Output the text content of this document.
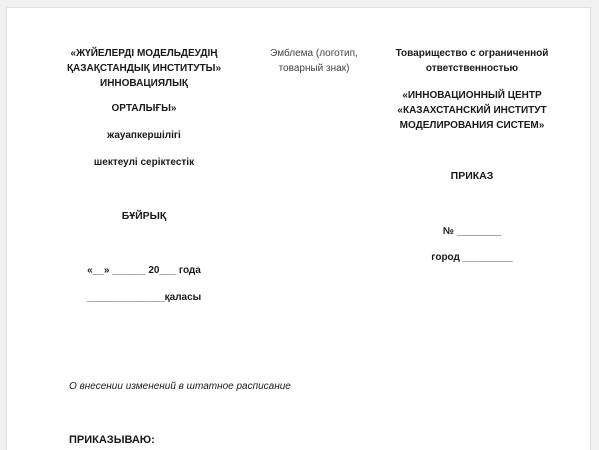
«ЖҮЙЕЛЕРДІ МОДЕЛЬДЕУДІҢ
ҚАЗАҚСТАНДЫҚ ИНСТИТУТЫ»
ИННОВАЦИЯЛЫҚ
ОРТАЛЫҒЫ»
жауапкершілігі
шектеулі серіктестік
БҰЙРЫҚ
«__» ______ 20___ года
______________қаласы
Эмблема (логотип,
товарный знак)
Товарищество с ограниченной
ответственностью
«ИННОВАЦИОННЫЙ ЦЕНТР
«КАЗАХСТАНСКИЙ ИНСТИТУТ
МОДЕЛИРОВАНИЯ СИСТЕМ»
ПРИКАЗ
№ ________
город _________
О внесении изменений в штатное расписание
ПРИКАЗЫВАЮ:
